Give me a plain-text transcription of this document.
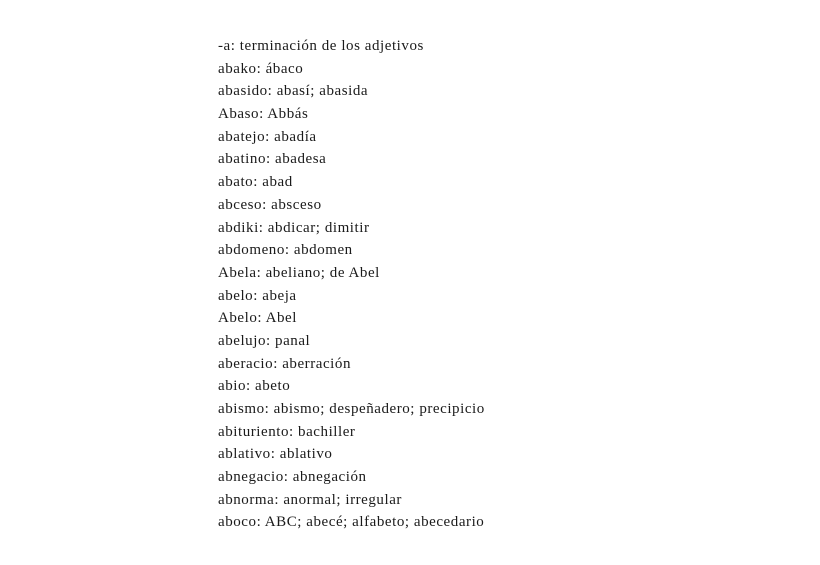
-a: terminación de los adjetivos
abako: ábaco
abasido: abasí; abasida
Abaso: Abbás
abatejo: abadía
abatino: abadesa
abato: abad
abceso: absceso
abdiki: abdicar; dimitir
abdomeno: abdomen
Abela: abeliano; de Abel
abelo: abeja
Abelo: Abel
abelujo: panal
aberacio: aberración
abio: abeto
abismo: abismo; despeñadero; precipicio
abituriento: bachiller
ablativo: ablativo
abnegacio: abnegación
abnorma: anormal; irregular
aboco: ABC; abecé; alfabeto; abecedario
